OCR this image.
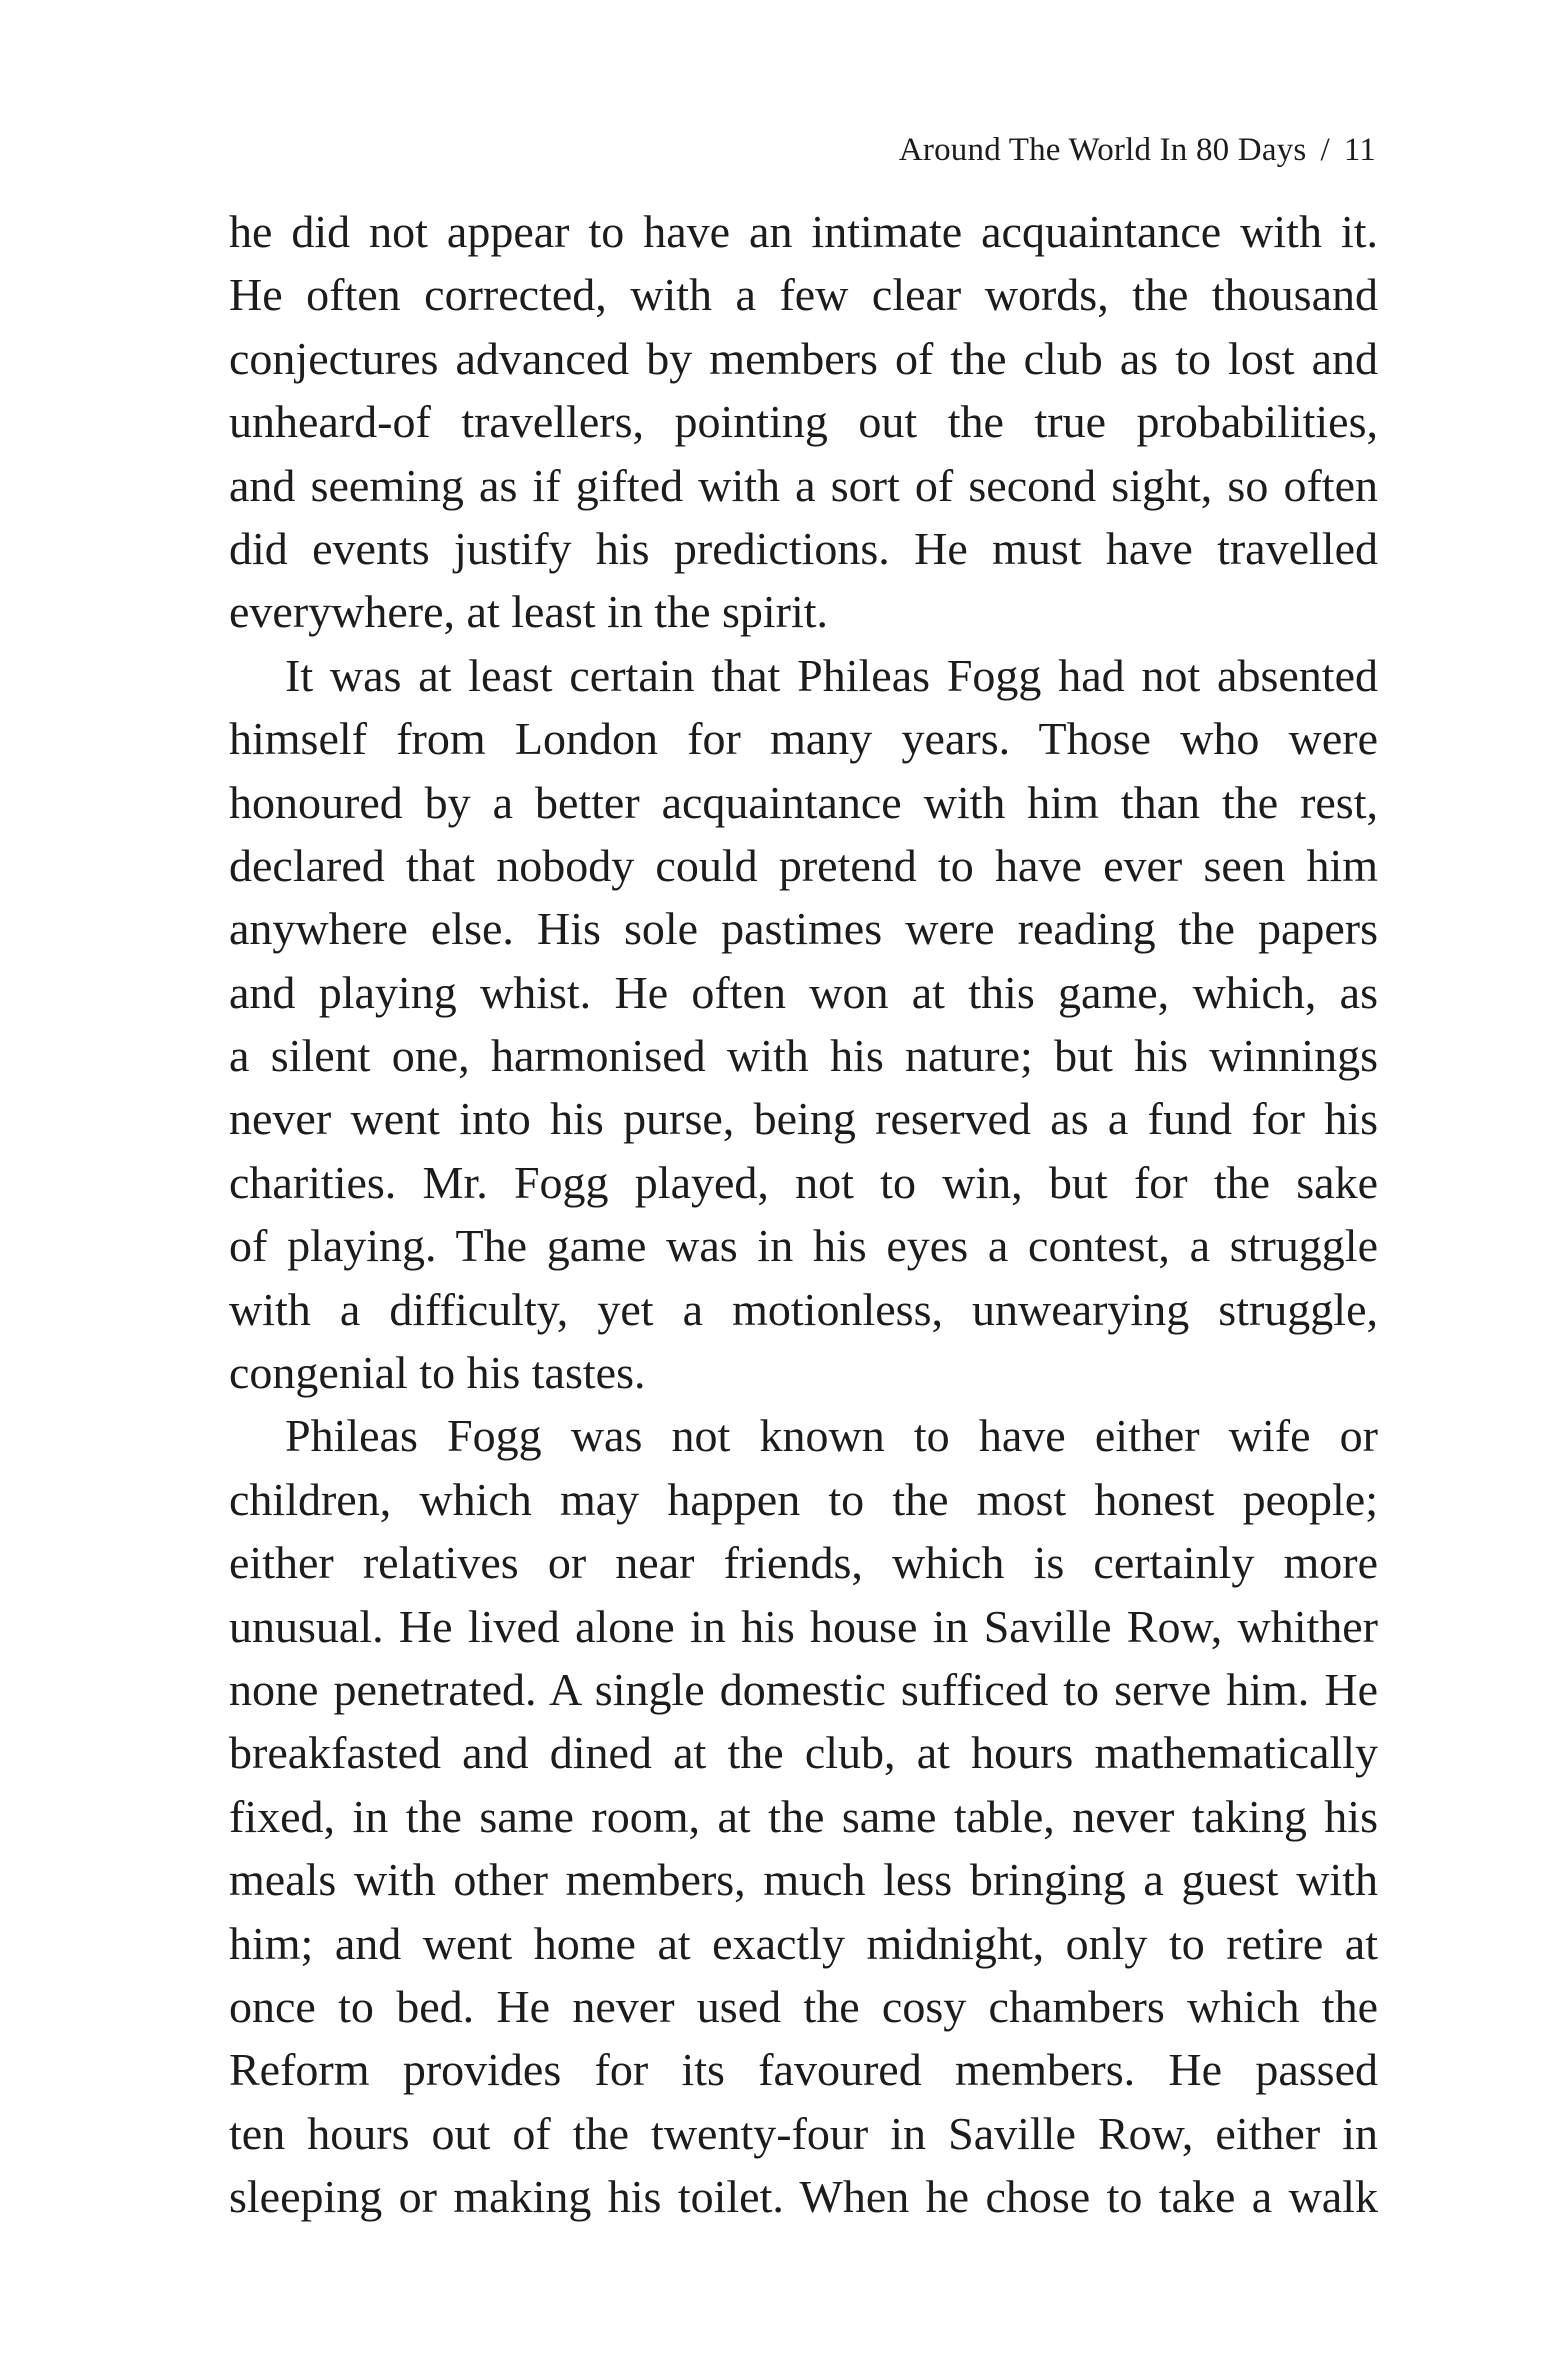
Around The World In 80 Days / 11
he did not appear to have an intimate acquaintance with it.
He often corrected, with a few clear words, the thousand
conjectures advanced by members of the club as to lost and
unheard-of travellers, pointing out the true probabilities,
and seeming as if gifted with a sort of second sight, so often
did events justify his predictions. He must have travelled
everywhere, at least in the spirit.
It was at least certain that Phileas Fogg had not absented
himself from London for many years. Those who were
honoured by a better acquaintance with him than the rest,
declared that nobody could pretend to have ever seen him
anywhere else. His sole pastimes were reading the papers
and playing whist. He often won at this game, which, as
a silent one, harmonised with his nature; but his winnings
never went into his purse, being reserved as a fund for his
charities. Mr. Fogg played, not to win, but for the sake
of playing. The game was in his eyes a contest, a struggle
with a difficulty, yet a motionless, unwearying struggle,
congenial to his tastes.
Phileas Fogg was not known to have either wife or
children, which may happen to the most honest people;
either relatives or near friends, which is certainly more
unusual. He lived alone in his house in Saville Row, whither
none penetrated. A single domestic sufficed to serve him. He
breakfasted and dined at the club, at hours mathematically
fixed, in the same room, at the same table, never taking his
meals with other members, much less bringing a guest with
him; and went home at exactly midnight, only to retire at
once to bed. He never used the cosy chambers which the
Reform provides for its favoured members. He passed
ten hours out of the twenty-four in Saville Row, either in
sleeping or making his toilet. When he chose to take a walk
